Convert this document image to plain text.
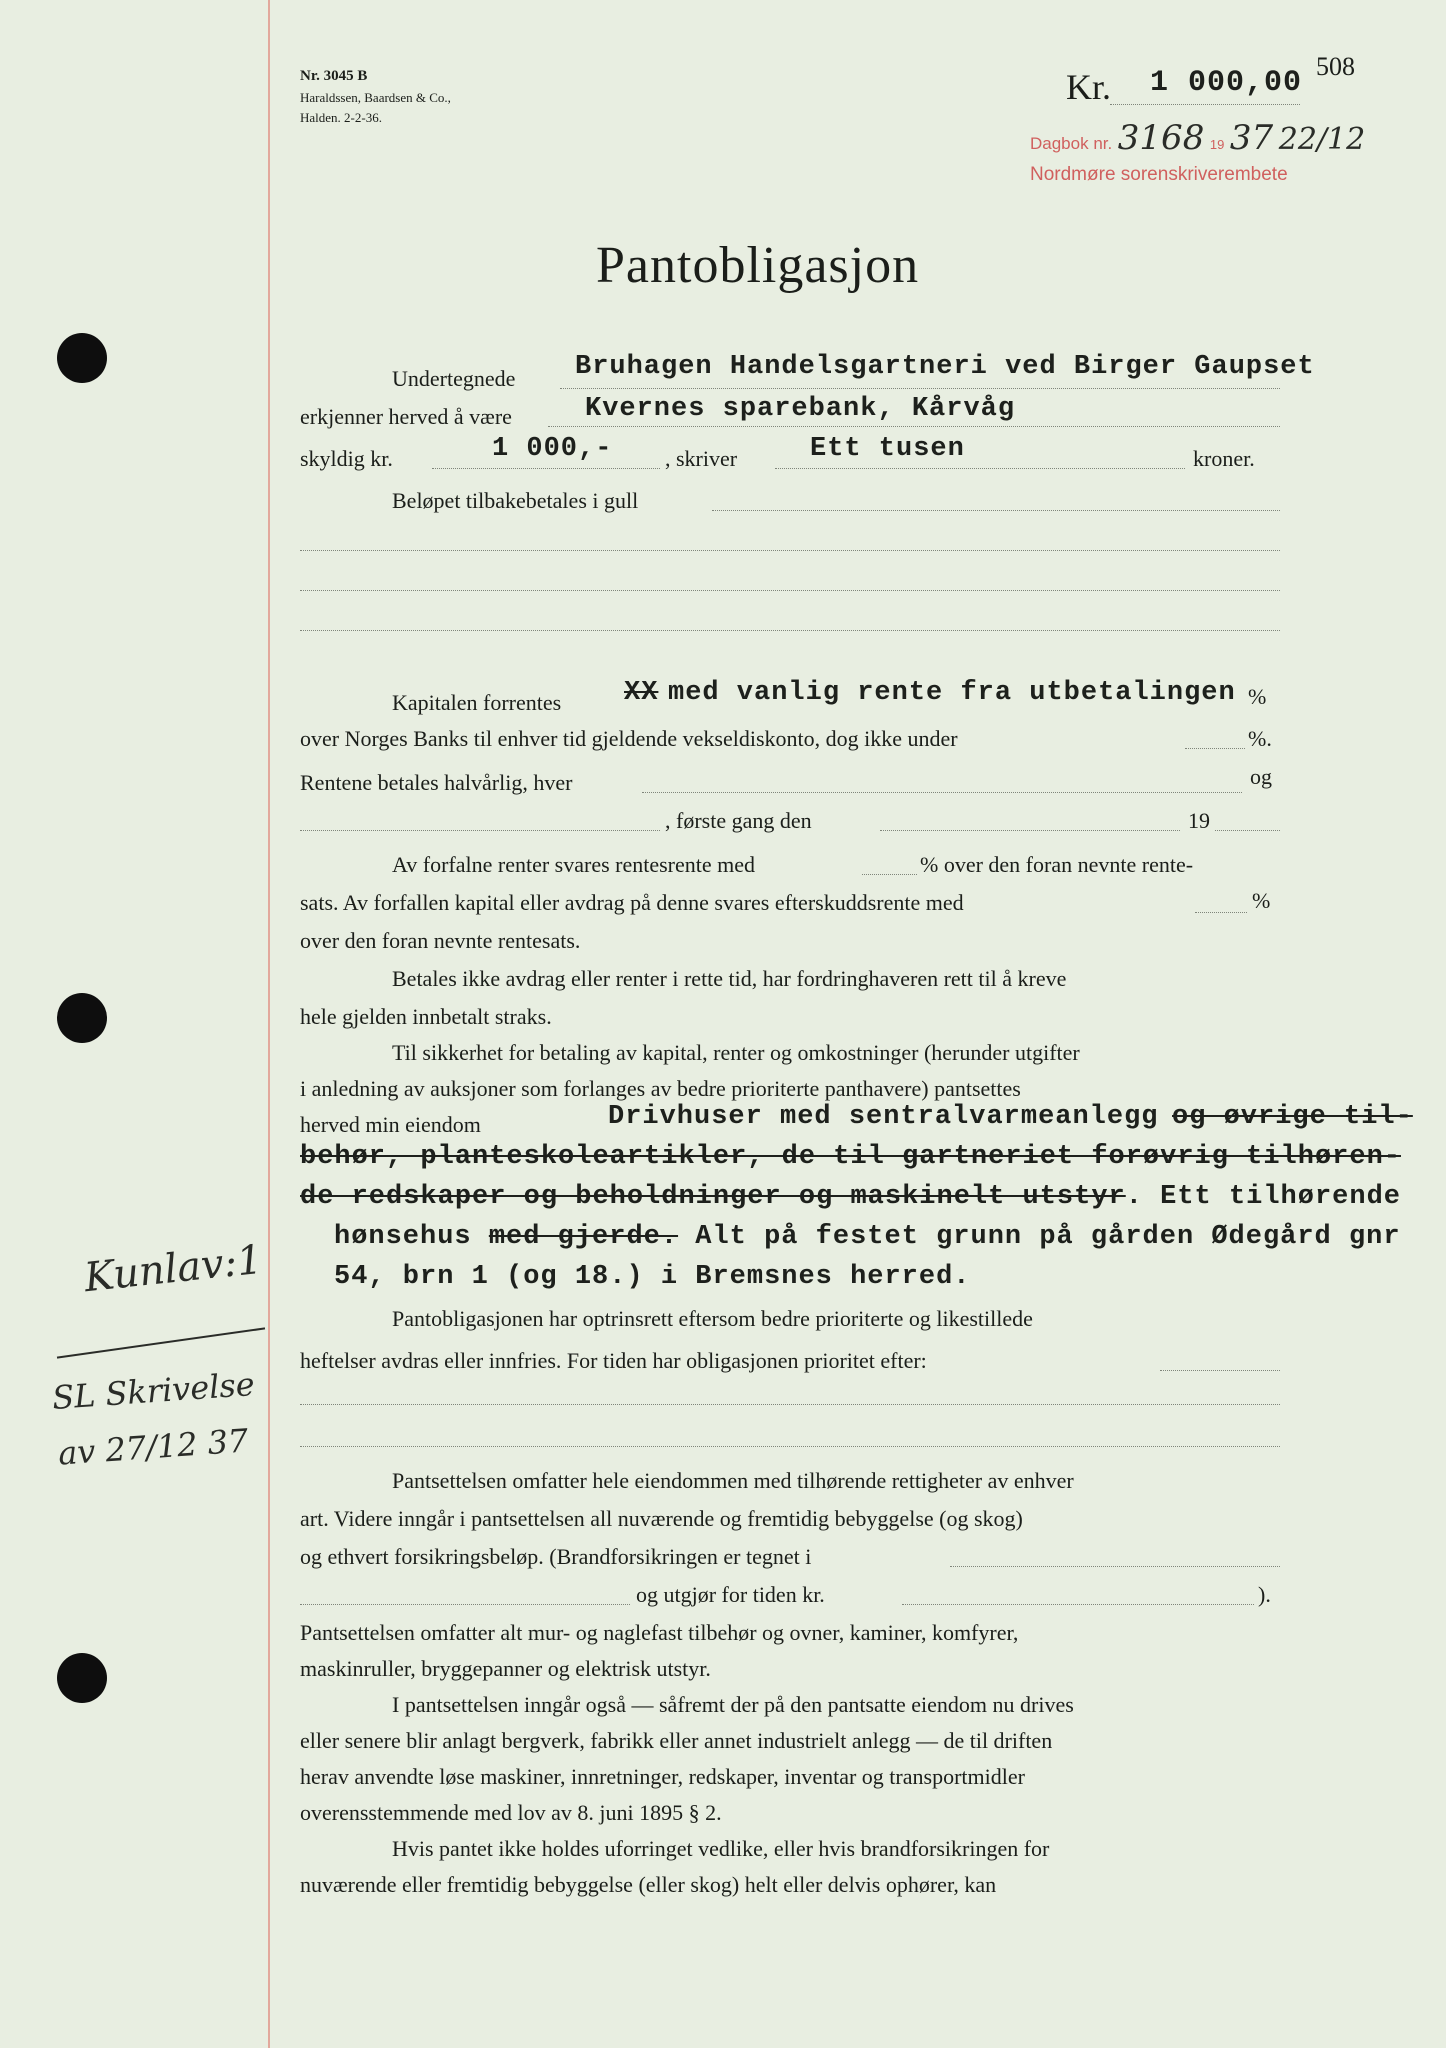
Nr. 3045 B
Haraldssen, Baardsen & Co.,
Halden. 2-2-36.
Kr. 1 000,00 508
Dagbok nr. 3168 19 37 22/12
Nordmøre sorenskriverembete
Pantobligasjon
Undertegnede Bruhagen Handelsgartneri ved Birger Gaupset
erkjenner herved å være	Kvernes sparebank, Kårvåg
skyldig kr.	1 000,- , skriver	Ett tusen	kroner.
Beløpet tilbakebetales i gull
Kapitalen forrentes XX med vanlig rente fra utbetalingen %
over Norges Banks til enhver tid gjeldende vekseldiskonto, dog ikke under	%.
Rentene betales halvårlig, hver	og
, første gang den	19
Av forfalne renter svares rentesrente med	% over den foran nevnte rente-
sats. Av forfallen kapital eller avdrag på denne svares efterskuddsrente med	%
over den foran nevnte rentesats.
Betales ikke avdrag eller renter i rette tid, har fordringhaveren rett til å kreve
hele gjelden innbetalt straks.
Til sikkerhet for betaling av kapital, renter og omkostninger (herunder utgifter
i anledning av auksjoner som forlanges av bedre prioriterte panthavere) pantsettes
herved min eiendom	Drivhuser med sentralvarmeanlegg og øvrige til-
behør, planteskoleartikler, de til gartneriet forøvrig tilhøren-
de redskaper og beholdninger og maskinelt utstyr. Ett tilhørende
hønsehus med gjerde. Alt på festet grunn på gården Ødegård gnr
54, brn 1 (og 18.) i Bremsnes herred.
Pantobligasjonen har optrinsrett eftersom bedre prioriterte og likestillede
heftelser avdras eller innfries. For tiden har obligasjonen prioritet efter:
Pantsettelsen omfatter hele eiendommen med tilhørende rettigheter av enhver
art. Videre inngår i pantsettelsen all nuværende og fremtidig bebyggelse (og skog)
og ethvert forsikringsbeløp. (Brandforsikringen er tegnet i
og utgjør for tiden kr.	).
Pantsettelsen omfatter alt mur- og naglefast tilbehør og ovner, kaminer, komfyrer,
maskinruller, bryggepanner og elektrisk utstyr.
I pantsettelsen inngår også — såfremt der på den pantsatte eiendom nu drives
eller senere blir anlagt bergverk, fabrikk eller annet industrielt anlegg — de til driften
herav anvendte løse maskiner, innretninger, redskaper, inventar og transportmidler
overensstemmende med lov av 8. juni 1895 § 2.
Hvis pantet ikke holdes uforringet vedlike, eller hvis brandforsikringen for
nuværende eller fremtidig bebyggelse (eller skog) helt eller delvis ophører, kan
Kunlav:1
SL Skrivelse
av 27/12 37
